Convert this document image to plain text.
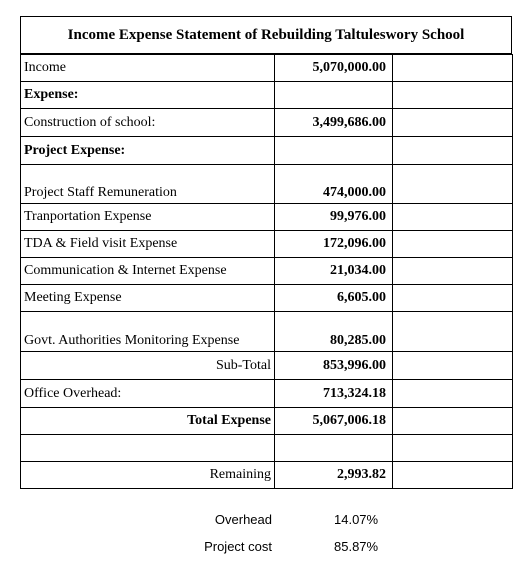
Income Expense Statement of Rebuilding Taltuleswory School
Income	5,070,000.00	
Expense:		
Construction of school:	3,499,686.00	
Project Expense:		
Project Staff Remuneration	474,000.00	
Tranportation Expense	99,976.00	
TDA & Field visit Expense	172,096.00	
Communication & Internet Expense	21,034.00	
Meeting Expense	6,605.00	
Govt. Authorities Monitoring Expense	80,285.00	
Sub-Total	853,996.00	
Office Overhead:	713,324.18	
Total Expense	5,067,006.18	

Remaining	2,993.82	
Overhead	14.07%
Project cost	85.87%
